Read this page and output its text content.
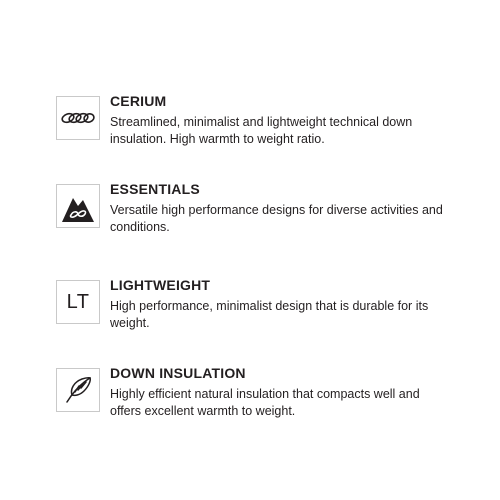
CERIUM
Streamlined, minimalist and lightweight technical down insulation. High warmth to weight ratio.
ESSENTIALS
Versatile high performance designs for diverse activities and conditions.
LT
LIGHTWEIGHT
High performance, minimalist design that is durable for its weight.
DOWN INSULATION
Highly efficient natural insulation that compacts well and offers excellent warmth to weight.
